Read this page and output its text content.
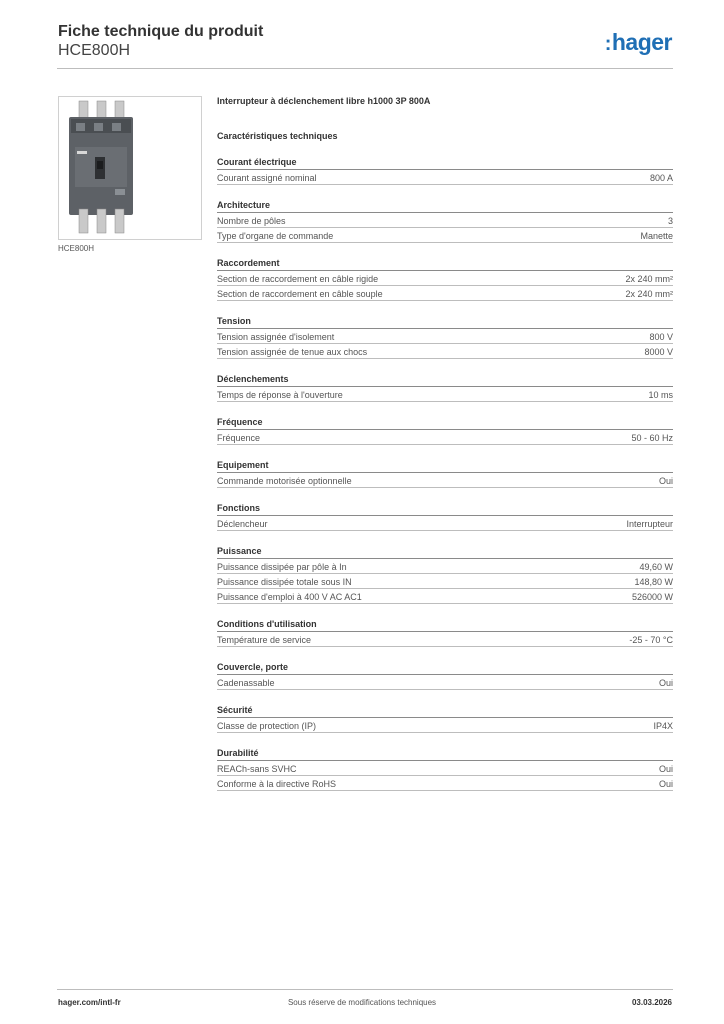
Fiche technique du produit
HCE800H	:hager
HCE800H
Interrupteur à déclenchement libre h1000 3P 800A
Caractéristiques techniques
Courant électrique
Courant assigné nominal	800 A
Architecture
Nombre de pôles	3
Type d'organe de commande	Manette
Raccordement
Section de raccordement en câble rigide	2x 240 mm²
Section de raccordement en câble souple	2x 240 mm²
Tension
Tension assignée d'isolement	800 V
Tension assignée de tenue aux chocs	8000 V
Déclenchements
Temps de réponse à l'ouverture	10 ms
Fréquence
Fréquence	50 - 60 Hz
Equipement
Commande motorisée optionnelle	Oui
Fonctions
Déclencheur	Interrupteur
Puissance
Puissance dissipée par pôle à In	49,60 W
Puissance dissipée totale sous IN	148,80 W
Puissance d'emploi à 400 V AC AC1	526000 W
Conditions d'utilisation
Température de service	-25 - 70 °C
Couvercle, porte
Cadenassable	Oui
Sécurité
Classe de protection (IP)	IP4X
Durabilité
REACh-sans SVHC	Oui
Conforme à la directive RoHS	Oui
hager.com/intl-fr	Sous réserve de modifications techniques	03.03.2026
